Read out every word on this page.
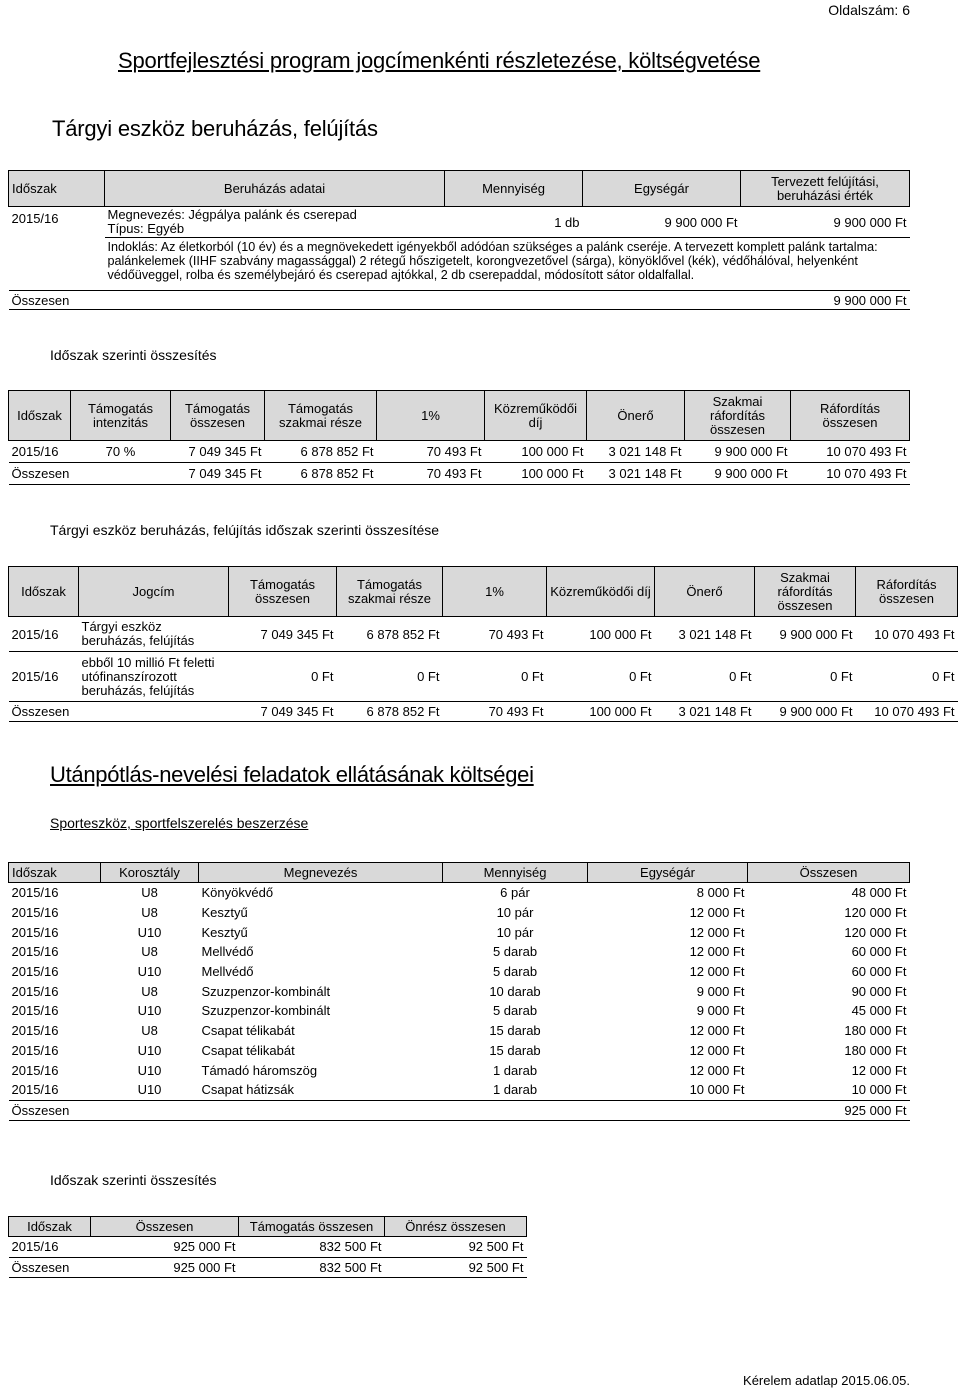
Oldalszám: 6
Sportfejlesztési program jogcímenkénti részletezése, költségvetése
Tárgyi eszköz beruházás, felújítás
Időszak	Beruházás adatai	Mennyiség	Egységár	Tervezett felújítási, beruházási érték
2015/16	Megnevezés: Jégpálya palánk és cserepad
Típus: Egyéb	1 db	9 900 000 Ft	9 900 000 Ft
	Indoklás: Az életkorból (10 év) és a megnövekedett igényekből adódóan szükséges a palánk cseréje. A tervezett komplett palánk tartalma: palánkelemek (IIHF szabvány magassággal) 2 rétegű hőszigetelt, korongvezetővel (sárga), könyöklővel (kék), védőhálóval, helyenként védőüveggel, rolba és személybejáró és cserepad ajtókkal, 2 db cserepaddal, módosított sátor oldalfallal.			
Összesen				9 900 000 Ft
Időszak szerinti összesítés
Időszak	Támogatás intenzitás	Támogatás összesen	Támogatás szakmai része	1%	Közreműködői díj	Önerő	Szakmai ráfordítás összesen	Ráfordítás összesen
2015/16	70 %	7 049 345 Ft	6 878 852 Ft	70 493 Ft	100 000 Ft	3 021 148 Ft	9 900 000 Ft	10 070 493 Ft
Összesen		7 049 345 Ft	6 878 852 Ft	70 493 Ft	100 000 Ft	3 021 148 Ft	9 900 000 Ft	10 070 493 Ft
Tárgyi eszköz beruházás, felújítás időszak szerinti összesítése
Időszak	Jogcím	Támogatás összesen	Támogatás szakmai része	1%	Közreműködői díj	Önerő	Szakmai ráfordítás összesen	Ráfordítás összesen
2015/16	Tárgyi eszköz beruházás, felújítás	7 049 345 Ft	6 878 852 Ft	70 493 Ft	100 000 Ft	3 021 148 Ft	9 900 000 Ft	10 070 493 Ft
2015/16	ebből 10 millió Ft feletti utófinanszírozott beruházás, felújítás	0 Ft	0 Ft	0 Ft	0 Ft	0 Ft	0 Ft	0 Ft
Összesen		7 049 345 Ft	6 878 852 Ft	70 493 Ft	100 000 Ft	3 021 148 Ft	9 900 000 Ft	10 070 493 Ft
Utánpótlás-nevelési feladatok ellátásának költségei
Sporteszköz, sportfelszerelés beszerzése
Időszak	Korosztály	Megnevezés	Mennyiség	Egységár	Összesen
2015/16	U8	Könyökvédő	6 pár	8 000 Ft	48 000 Ft
2015/16	U8	Kesztyű	10 pár	12 000 Ft	120 000 Ft
2015/16	U10	Kesztyű	10 pár	12 000 Ft	120 000 Ft
2015/16	U8	Mellvédő	5 darab	12 000 Ft	60 000 Ft
2015/16	U10	Mellvédő	5 darab	12 000 Ft	60 000 Ft
2015/16	U8	Szuzpenzor-kombinált	10 darab	9 000 Ft	90 000 Ft
2015/16	U10	Szuzpenzor-kombinált	5 darab	9 000 Ft	45 000 Ft
2015/16	U8	Csapat télikabát	15 darab	12 000 Ft	180 000 Ft
2015/16	U10	Csapat télikabát	15 darab	12 000 Ft	180 000 Ft
2015/16	U10	Támadó háromszög	1 darab	12 000 Ft	12 000 Ft
2015/16	U10	Csapat hátizsák	1 darab	10 000 Ft	10 000 Ft
Összesen					925 000 Ft
Időszak szerinti összesítés
Időszak	Összesen	Támogatás összesen	Önrész összesen
2015/16	925 000 Ft	832 500 Ft	92 500 Ft
Összesen	925 000 Ft	832 500 Ft	92 500 Ft
Kérelem adatlap 2015.06.05.
